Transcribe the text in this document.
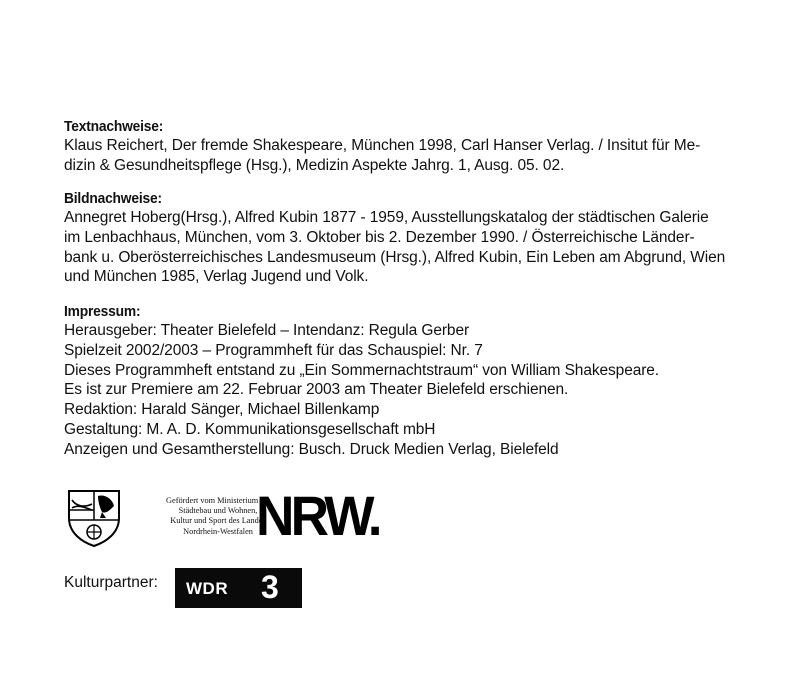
Textnachweise:
Klaus Reichert, Der fremde Shakespeare, München 1998, Carl Hanser Verlag. / Insitut für Me-
dizin & Gesundheitspflege (Hsg.), Medizin Aspekte Jahrg. 1, Ausg. 05. 02.
Bildnachweise:
Annegret Hoberg(Hrsg.), Alfred Kubin 1877 - 1959, Ausstellungskatalog der städtischen Galerie
im Lenbachhaus, München, vom 3. Oktober bis 2. Dezember 1990. / Österreichische Länder-
bank u. Oberösterreichisches Landesmuseum (Hrsg.), Alfred Kubin, Ein Leben am Abgrund, Wien
und München 1985, Verlag Jugend und Volk.
Impressum:
Herausgeber: Theater Bielefeld – Intendanz: Regula Gerber
Spielzeit 2002/2003 – Programmheft für das Schauspiel: Nr. 7
Dieses Programmheft entstand zu „Ein Sommernachtstraum“ von William Shakespeare.
Es ist zur Premiere am 22. Februar 2003 am Theater Bielefeld erschienen.
Redaktion: Harald Sänger, Michael Billenkamp
Gestaltung: M. A. D. Kommunikationsgesellschaft mbH
Anzeigen und Gesamtherstellung: Busch. Druck Medien Verlag, Bielefeld
Gefördert vom Ministerium für
Städtebau und Wohnen,
Kultur und Sport des Landes
Nordrhein-Westfalen NRW.
Kulturpartner: WDR 3
